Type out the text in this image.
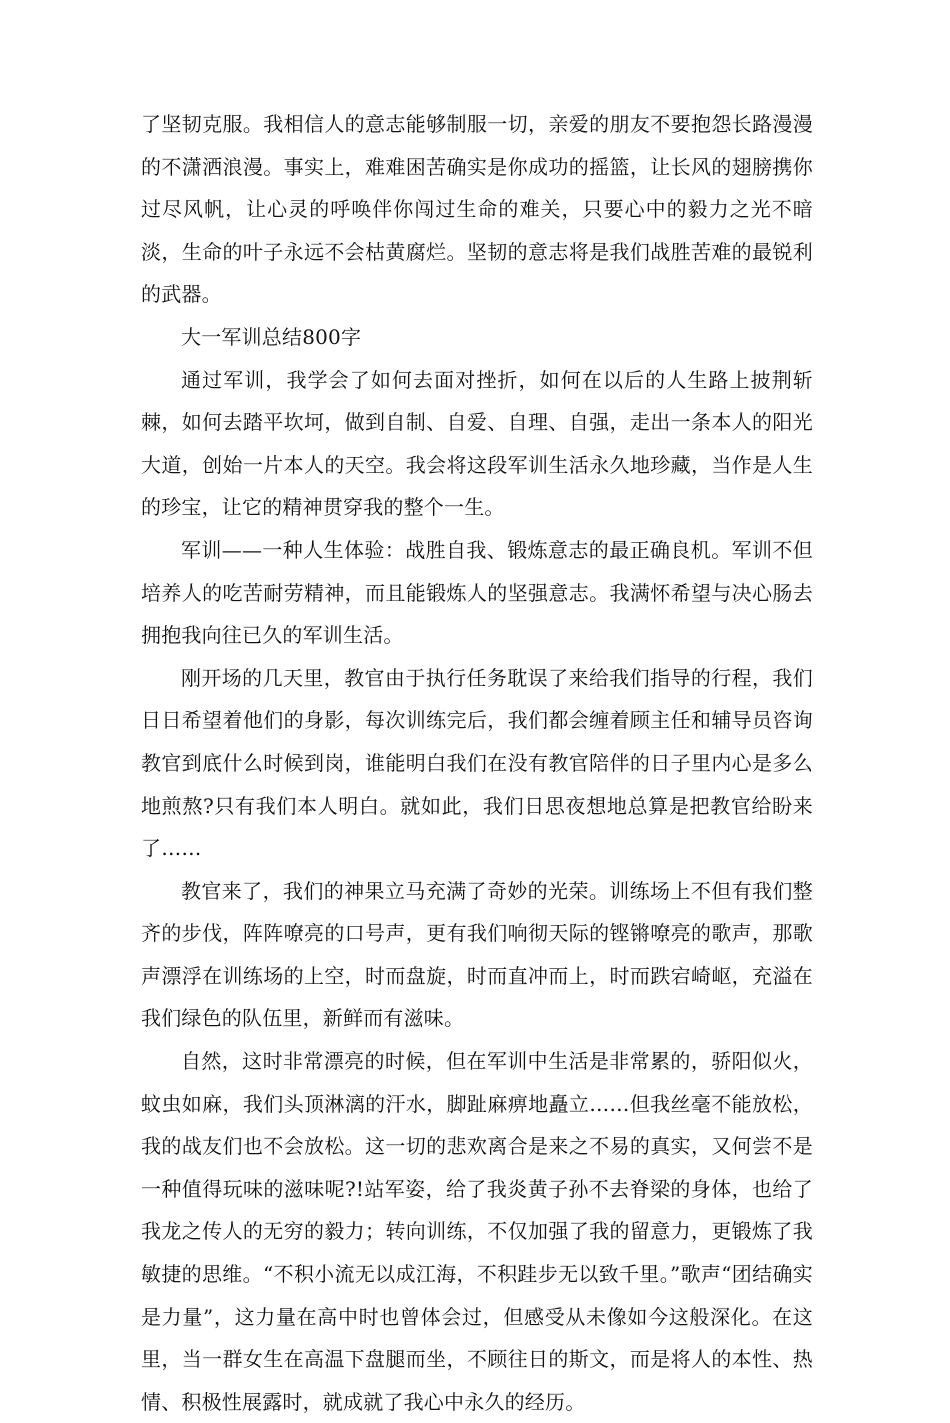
了坚韧克服。我相信人的意志能够制服一切，亲爱的朋友不要抱怨长路漫漫的不潇洒浪漫。事实上，难难困苦确实是你成功的摇篮，让长风的翅膀携你过尽风帆，让心灵的呼唤伴你闯过生命的难关，只要心中的毅力之光不暗淡，生命的叶子永远不会枯黄腐烂。坚韧的意志将是我们战胜苦难的最锐利的武器。

大一军训总结800字

通过军训，我学会了如何去面对挫折，如何在以后的人生路上披荆斩棘，如何去踏平坎坷，做到自制、自爱、自理、自强，走出一条本人的阳光大道，创始一片本人的天空。我会将这段军训生活永久地珍藏，当作是人生的珍宝，让它的精神贯穿我的整个一生。

军训——一种人生体验：战胜自我、锻炼意志的最正确良机。军训不但培养人的吃苦耐劳精神，而且能锻炼人的坚强意志。我满怀希望与决心肠去拥抱我向往已久的军训生活。

刚开场的几天里，教官由于执行任务耽误了来给我们指导的行程，我们日日希望着他们的身影，每次训练完后，我们都会缠着顾主任和辅导员咨询教官到底什么时候到岗，谁能明白我们在没有教官陪伴的日子里内心是多么地煎熬?只有我们本人明白。就如此，我们日思夜想地总算是把教官给盼来了……

教官来了，我们的神果立马充满了奇妙的光荣。训练场上不但有我们整齐的步伐，阵阵嘹亮的口号声，更有我们响彻天际的铿锵嘹亮的歌声，那歌声漂浮在训练场的上空，时而盘旋，时而直冲而上，时而跌宕崎岖，充溢在我们绿色的队伍里，新鲜而有滋味。

自然，这时非常漂亮的时候，但在军训中生活是非常累的，骄阳似火，蚊虫如麻，我们头顶淋漓的汗水，脚趾麻痹地矗立……但我丝毫不能放松，我的战友们也不会放松。这一切的悲欢离合是来之不易的真实，又何尝不是一种值得玩味的滋味呢?!站军姿，给了我炎黄子孙不去脊梁的身体，也给了我龙之传人的无穷的毅力；转向训练，不仅加强了我的留意力，更锻炼了我敏捷的思维。“不积小流无以成江海，不积跬步无以致千里。”歌声“团结确实是力量”，这力量在高中时也曾体会过，但感受从未像如今这般深化。在这里，当一群女生在高温下盘腿而坐，不顾往日的斯文，而是将人的本性、热情、积极性展露时，就成就了我心中永久的经历。
